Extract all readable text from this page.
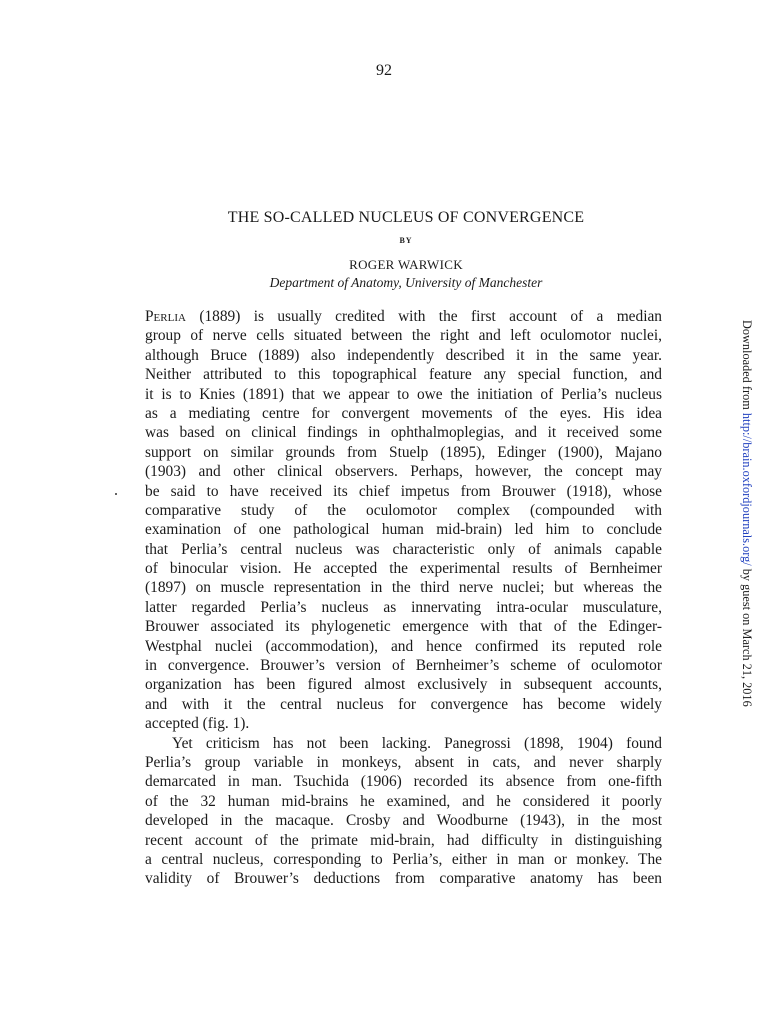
92
THE SO-CALLED NUCLEUS OF CONVERGENCE
BY
ROGER WARWICK
Department of Anatomy, University of Manchester
Perlia (1889) is usually credited with the first account of a median
group of nerve cells situated between the right and left oculomotor nuclei,
although Bruce (1889) also independently described it in the same year.
Neither attributed to this topographical feature any special function, and
it is to Knies (1891) that we appear to owe the initiation of Perlia’s nucleus
as a mediating centre for convergent movements of the eyes. His idea
was based on clinical findings in ophthalmoplegias, and it received some
support on similar grounds from Stuelp (1895), Edinger (1900), Majano
(1903) and other clinical observers. Perhaps, however, the concept may
be said to have received its chief impetus from Brouwer (1918), whose
comparative study of the oculomotor complex (compounded with
examination of one pathological human mid-brain) led him to conclude
that Perlia’s central nucleus was characteristic only of animals capable
of binocular vision. He accepted the experimental results of Bernheimer
(1897) on muscle representation in the third nerve nuclei; but whereas the
latter regarded Perlia’s nucleus as innervating intra-ocular musculature,
Brouwer associated its phylogenetic emergence with that of the Edinger-
Westphal nuclei (accommodation), and hence confirmed its reputed role
in convergence. Brouwer’s version of Bernheimer’s scheme of oculomotor
organization has been figured almost exclusively in subsequent accounts,
and with it the central nucleus for convergence has become widely
accepted (fig. 1).
Yet criticism has not been lacking. Panegrossi (1898, 1904) found
Perlia’s group variable in monkeys, absent in cats, and never sharply
demarcated in man. Tsuchida (1906) recorded its absence from one-fifth
of the 32 human mid-brains he examined, and he considered it poorly
developed in the macaque. Crosby and Woodburne (1943), in the most
recent account of the primate mid-brain, had difficulty in distinguishing
a central nucleus, corresponding to Perlia’s, either in man or monkey. The
validity of Brouwer’s deductions from comparative anatomy has been
Downloaded from http://brain.oxfordjournals.org/ by guest on March 21, 2016
